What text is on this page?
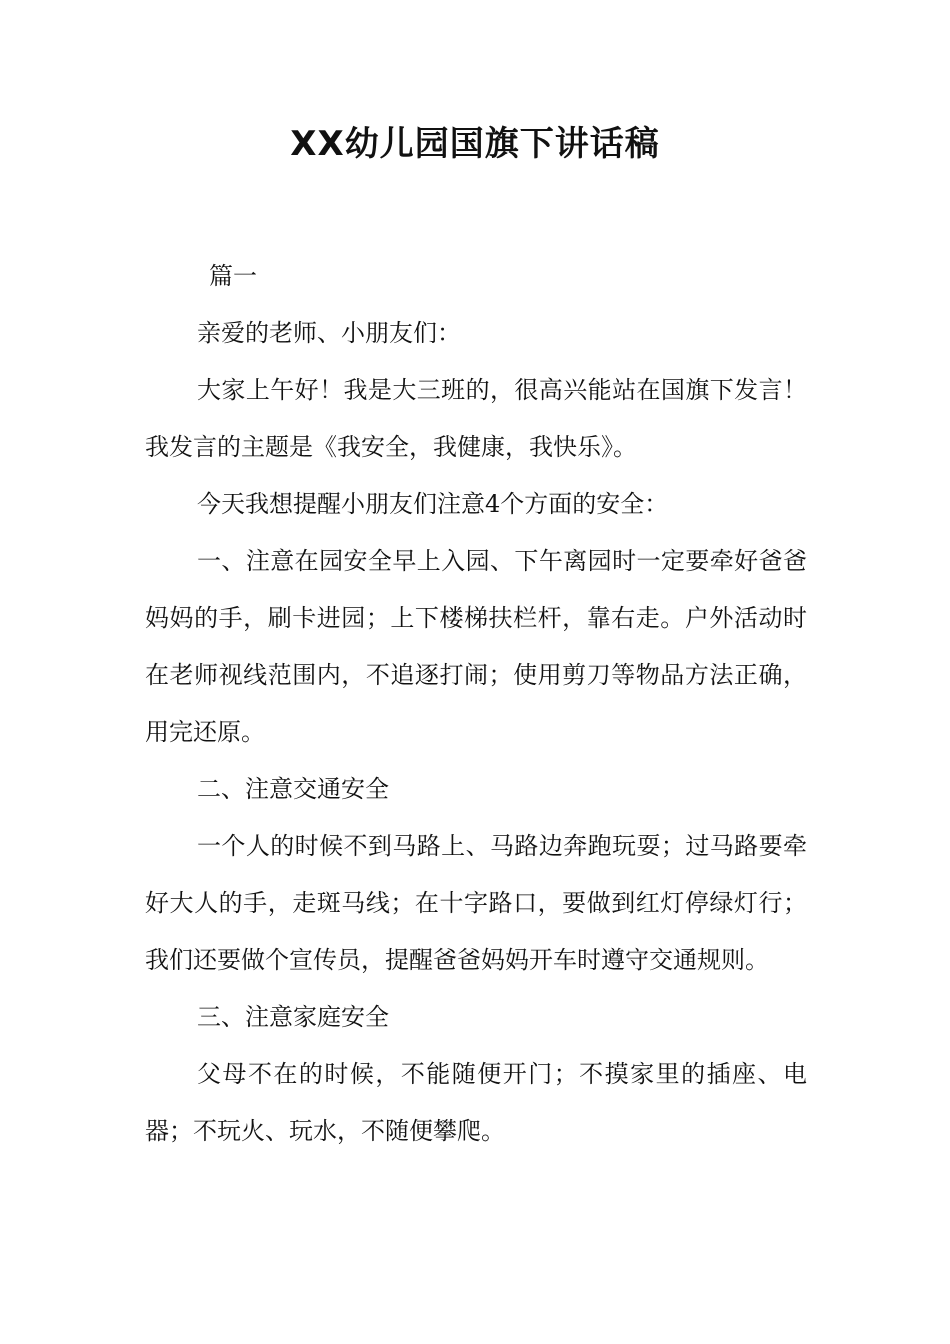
XX幼儿园国旗下讲话稿

篇一

亲爱的老师、小朋友们：

大家上午好！我是大三班的，很高兴能站在国旗下发言！我发言的主题是《我安全，我健康，我快乐》。

今天我想提醒小朋友们注意4个方面的安全：

一、注意在园安全早上入园、下午离园时一定要牵好爸爸妈妈的手，刷卡进园；上下楼梯扶栏杆，靠右走。户外活动时在老师视线范围内，不追逐打闹；使用剪刀等物品方法正确，用完还原。

二、注意交通安全

一个人的时候不到马路上、马路边奔跑玩耍；过马路要牵好大人的手，走斑马线；在十字路口，要做到红灯停绿灯行；我们还要做个宣传员，提醒爸爸妈妈开车时遵守交通规则。

三、注意家庭安全

父母不在的时候，不能随便开门；不摸家里的插座、电器；不玩火、玩水，不随便攀爬。
